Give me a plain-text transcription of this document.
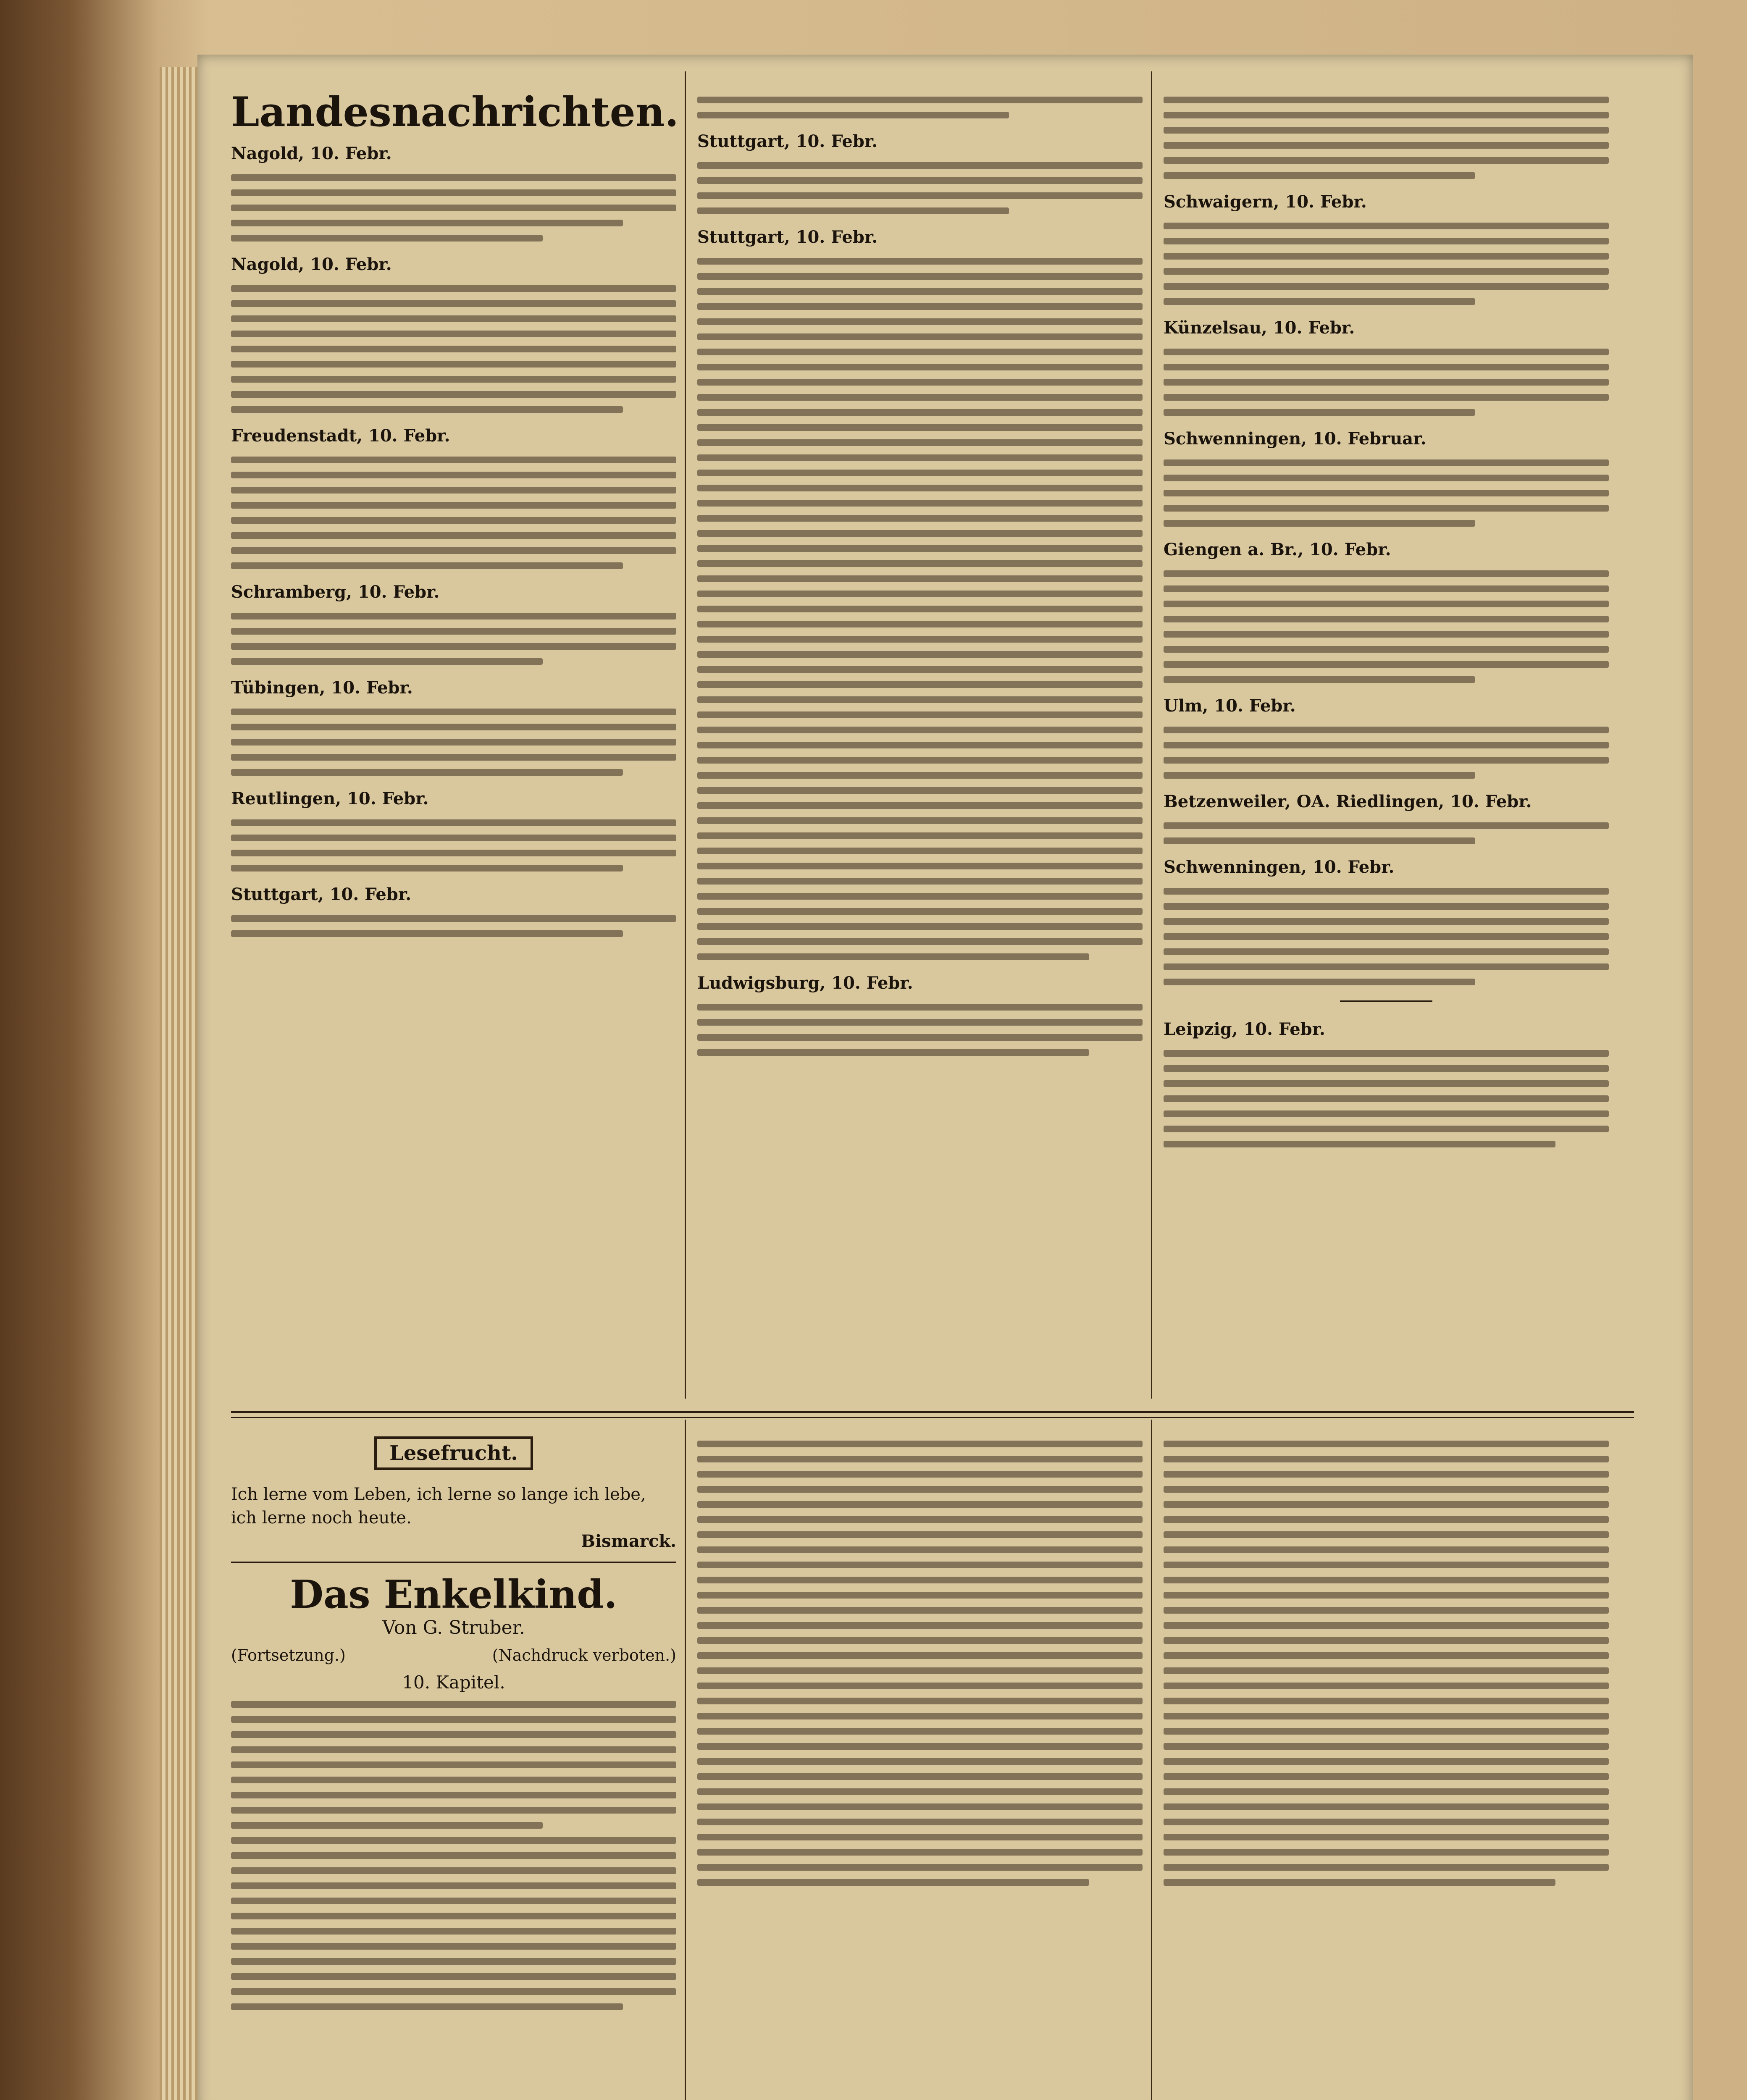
Landesnachrichten.
Nagold, 10. Febr.
Nagold, 10. Febr.
Freudenstadt, 10. Febr.
Schramberg, 10. Febr.
Tübingen, 10. Febr.
Reutlingen, 10. Febr.
Stuttgart, 10. Febr.
Stuttgart, 10. Febr.
Stuttgart, 10. Febr.
Ludwigsburg, 10. Febr.
Schwaigern, 10. Febr.
Künzelsau, 10. Febr.
Schwenningen, 10. Februar.
Giengen a. Br., 10. Febr.
Ulm, 10. Febr.
Betzenweiler, OA. Riedlingen, 10. Febr.
Schwenningen, 10. Febr.
Leipzig, 10. Febr.
Lesefrucht.
Ich lerne vom Leben, ich lerne so lange ich lebe, ich lerne noch heute.
Bismarck.
Das Enkelkind.
Von G. Struber.
(Fortsetzung.)	(Nachdruck verboten.)
10. Kapitel.
